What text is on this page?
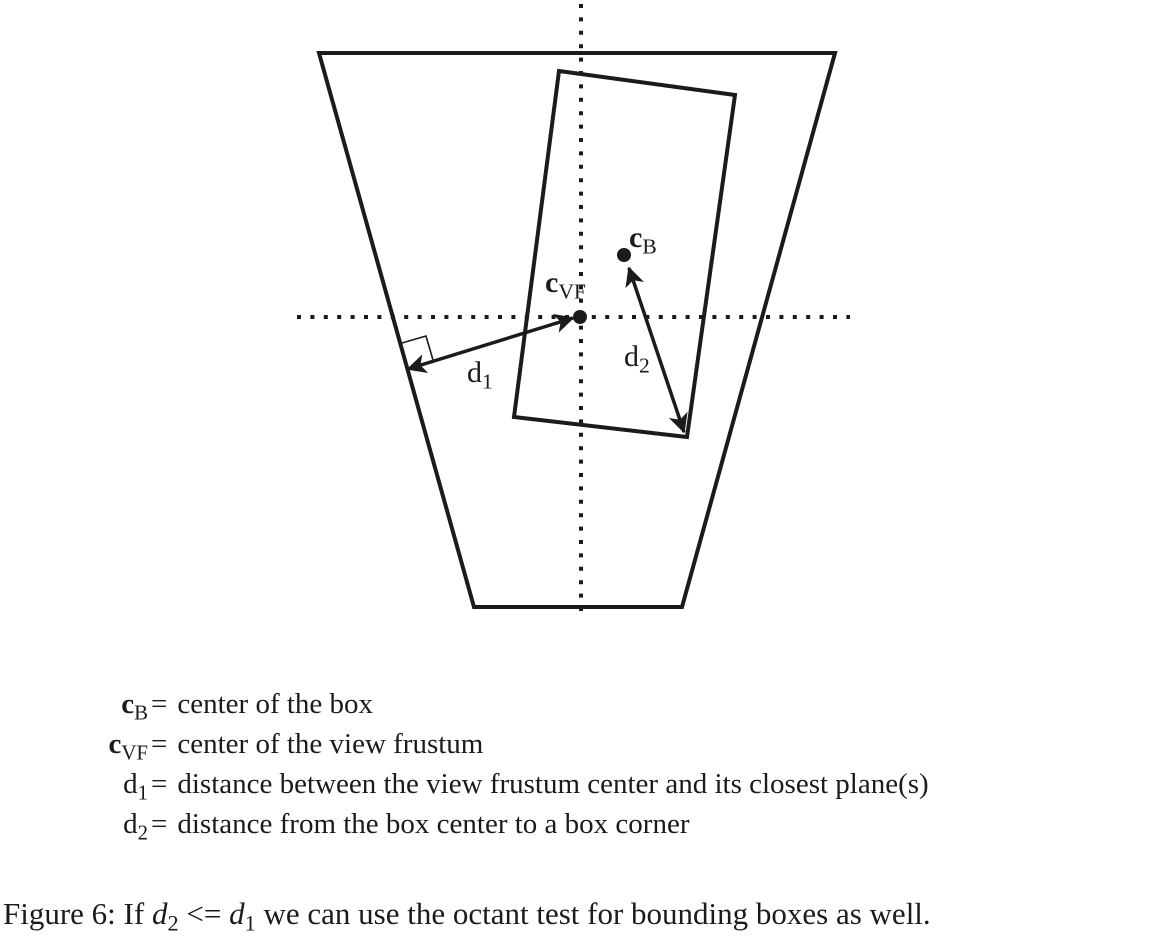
$c_B$
$c_{VF}$
$d_1$
$d_2$
$c_B$ = center of the box
$c_{VF}$ = center of the view frustum
$d_1$ = distance between the view frustum center and its closest plane(s)
$d_2$ = distance from the box center to a box corner
Figure 6: If $d_2 <= d_1$ we can use the octant test for bounding boxes as well.
